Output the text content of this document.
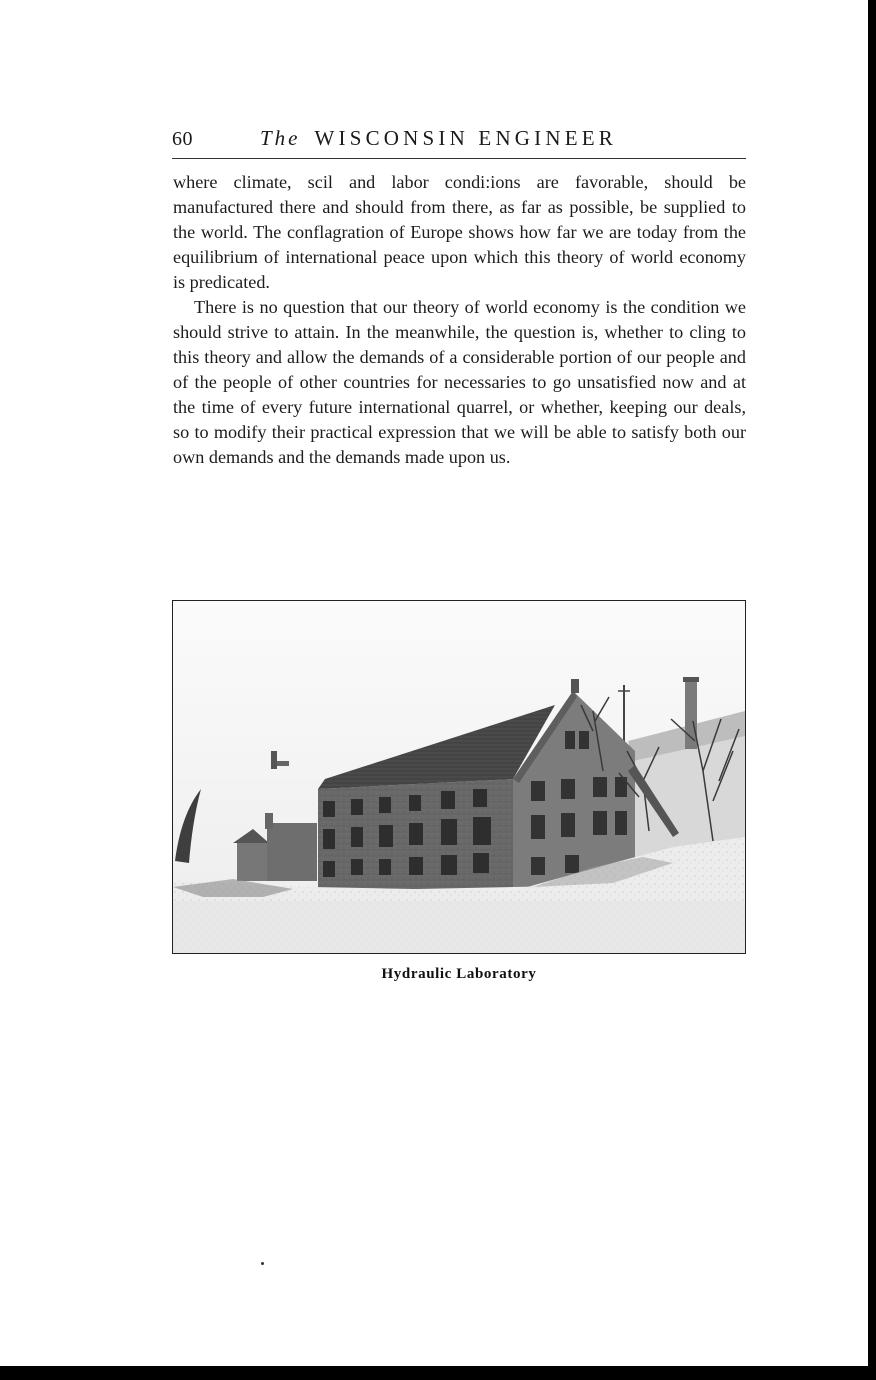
60	The WISCONSIN ENGINEER

where climate, scil and labor condi:ions are favorable, should be manufactured there and should from there, as far as possible, be supplied to the world. The conflagration of Europe shows how far we are today from the equilibrium of international peace upon which this theory of world economy is predicated.

There is no question that our theory of world economy is the condition we should strive to attain. In the meanwhile, the question is, whether to cling to this theory and allow the demands of a considerable portion of our people and of the people of other countries for necessaries to go unsatisfied now and at the time of every future international quarrel, or whether, keeping our deals, so to modify their practical expression that we will be able to satisfy both our own demands and the demands made upon us.

Hydraulic Laboratory
